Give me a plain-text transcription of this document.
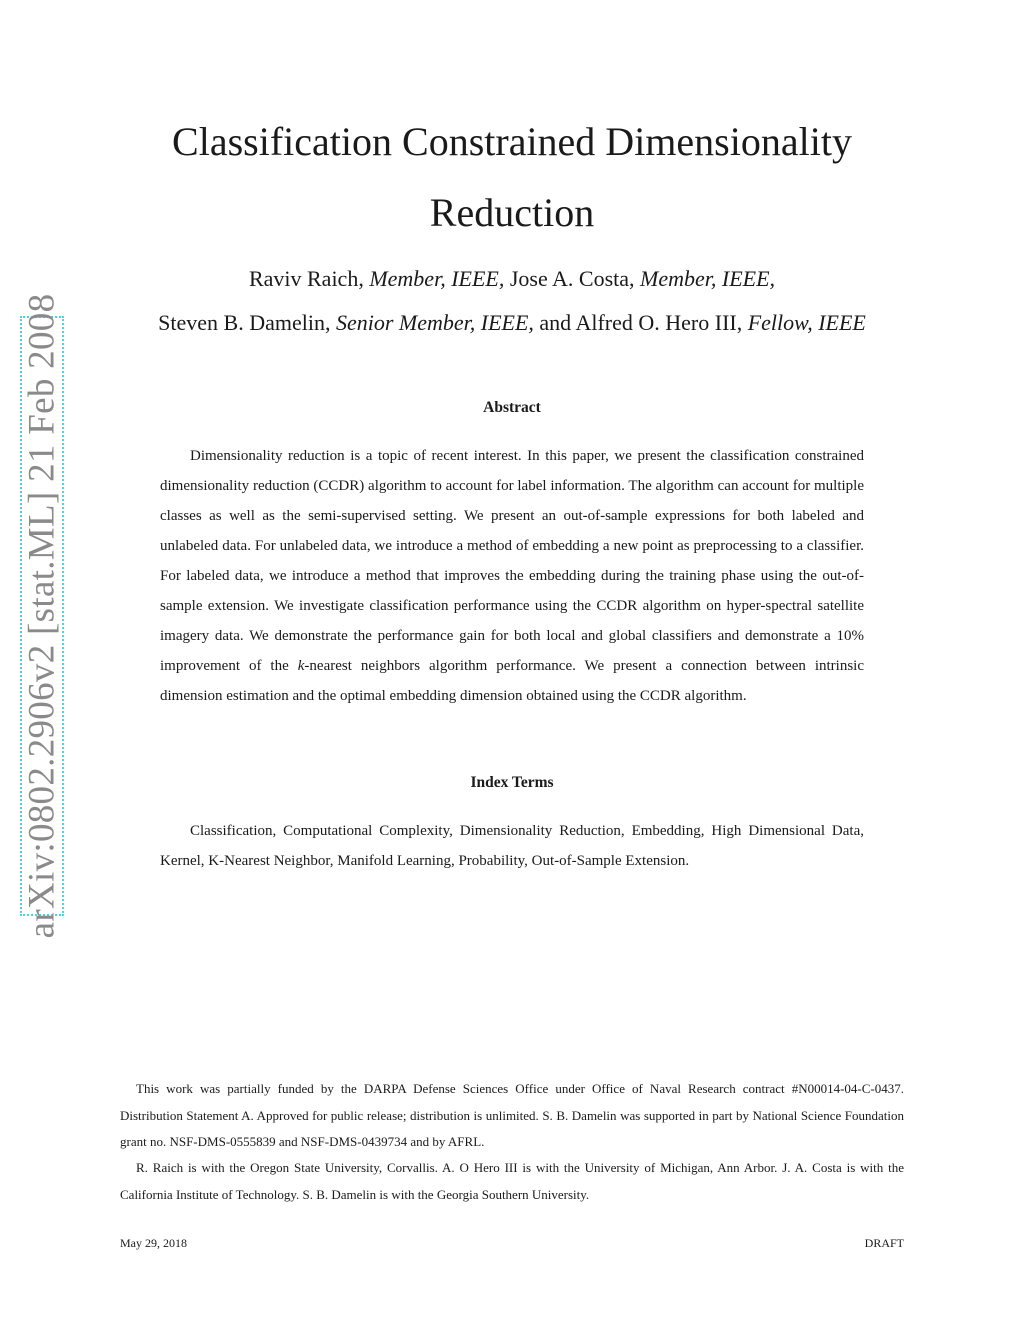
arXiv:0802.2906v2 [stat.ML] 21 Feb 2008
Classification Constrained Dimensionality
Reduction
Raviv Raich, Member, IEEE, Jose A. Costa, Member, IEEE,
Steven B. Damelin, Senior Member, IEEE, and Alfred O. Hero III, Fellow, IEEE
Abstract

Dimensionality reduction is a topic of recent interest. In this paper, we present the classification constrained dimensionality reduction (CCDR) algorithm to account for label information. The algorithm can account for multiple classes as well as the semi-supervised setting. We present an out-of-sample expressions for both labeled and unlabeled data. For unlabeled data, we introduce a method of embedding a new point as preprocessing to a classifier. For labeled data, we introduce a method that improves the embedding during the training phase using the out-of-sample extension. We investigate classification performance using the CCDR algorithm on hyper-spectral satellite imagery data. We demonstrate the performance gain for both local and global classifiers and demonstrate a 10% improvement of the k-nearest neighbors algorithm performance. We present a connection between intrinsic dimension estimation and the optimal embedding dimension obtained using the CCDR algorithm.

Index Terms

Classification, Computational Complexity, Dimensionality Reduction, Embedding, High Dimensional Data, Kernel, K-Nearest Neighbor, Manifold Learning, Probability, Out-of-Sample Extension.

This work was partially funded by the DARPA Defense Sciences Office under Office of Naval Research contract #N00014-04-C-0437. Distribution Statement A. Approved for public release; distribution is unlimited. S. B. Damelin was supported in part by National Science Foundation grant no. NSF-DMS-0555839 and NSF-DMS-0439734 and by AFRL.

R. Raich is with the Oregon State University, Corvallis. A. O Hero III is with the University of Michigan, Ann Arbor. J. A. Costa is with the California Institute of Technology. S. B. Damelin is with the Georgia Southern University.

May 29, 2018	DRAFT
